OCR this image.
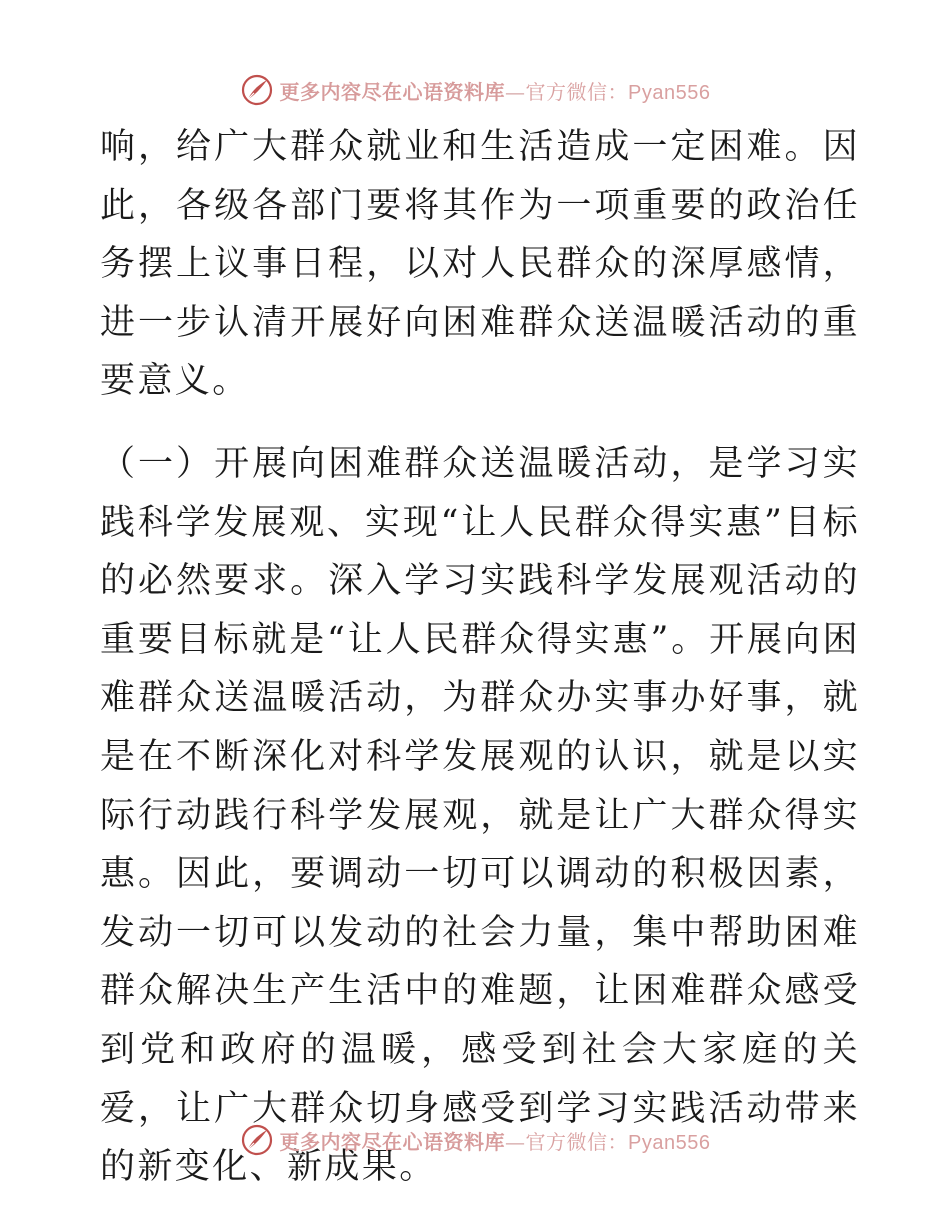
更多内容尽在心语资料库—官方微信：Pyan556

响，给广大群众就业和生活造成一定困难。因此，各级各部门要将其作为一项重要的政治任务摆上议事日程，以对人民群众的深厚感情，进一步认清开展好向困难群众送温暖活动的重要意义。

（一）开展向困难群众送温暖活动，是学习实践科学发展观、实现“让人民群众得实惠”目标的必然要求。深入学习实践科学发展观活动的重要目标就是“让人民群众得实惠”。开展向困难群众送温暖活动，为群众办实事办好事，就是在不断深化对科学发展观的认识，就是以实际行动践行科学发展观，就是让广大群众得实惠。因此，要调动一切可以调动的积极因素，发动一切可以发动的社会力量，集中帮助困难群众解决生产生活中的难题，让困难群众感受到党和政府的温暖，感受到社会大家庭的关爱，让广大群众切身感受到学习实践活动带来的新变化、新成果。

更多内容尽在心语资料库—官方微信：Pyan556
